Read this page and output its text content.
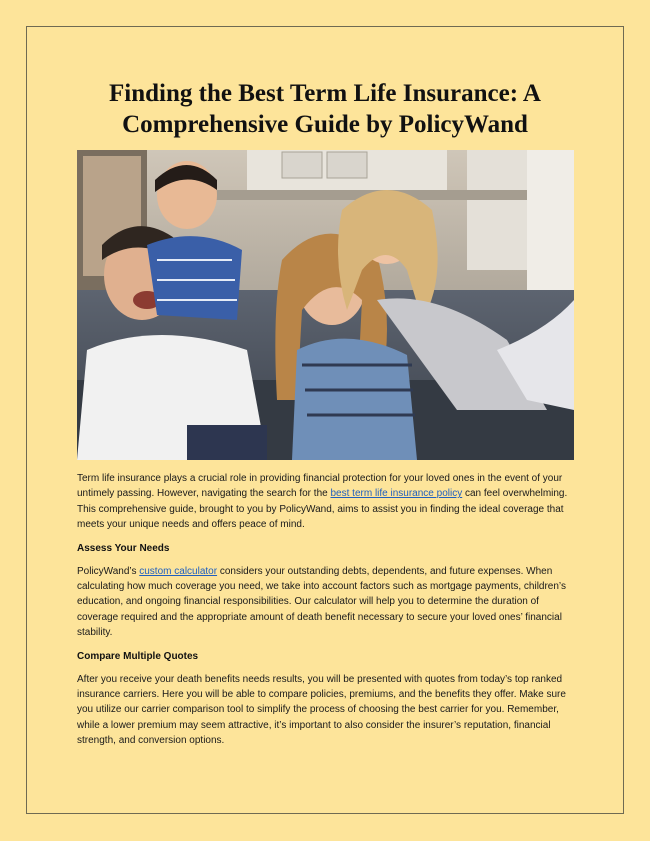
Finding the Best Term Life Insurance: A
Comprehensive Guide by PolicyWand

Term life insurance plays a crucial role in providing financial protection for your loved ones in the event of your untimely passing. However, navigating the search for the best term life insurance policy can feel overwhelming. This comprehensive guide, brought to you by PolicyWand, aims to assist you in finding the ideal coverage that meets your unique needs and offers peace of mind.

Assess Your Needs

PolicyWand’s custom calculator considers your outstanding debts, dependents, and future expenses. When calculating how much coverage you need, we take into account factors such as mortgage payments, children’s education, and ongoing financial responsibilities. Our calculator will help you to determine the duration of coverage required and the appropriate amount of death benefit necessary to secure your loved ones’ financial stability.

Compare Multiple Quotes

After you receive your death benefits needs results, you will be presented with quotes from today’s top ranked insurance carriers. Here you will be able to compare policies, premiums, and the benefits they offer. Make sure you utilize our carrier comparison tool to simplify the process of choosing the best carrier for you. Remember, while a lower premium may seem attractive, it’s important to also consider the insurer’s reputation, financial strength, and conversion options.
